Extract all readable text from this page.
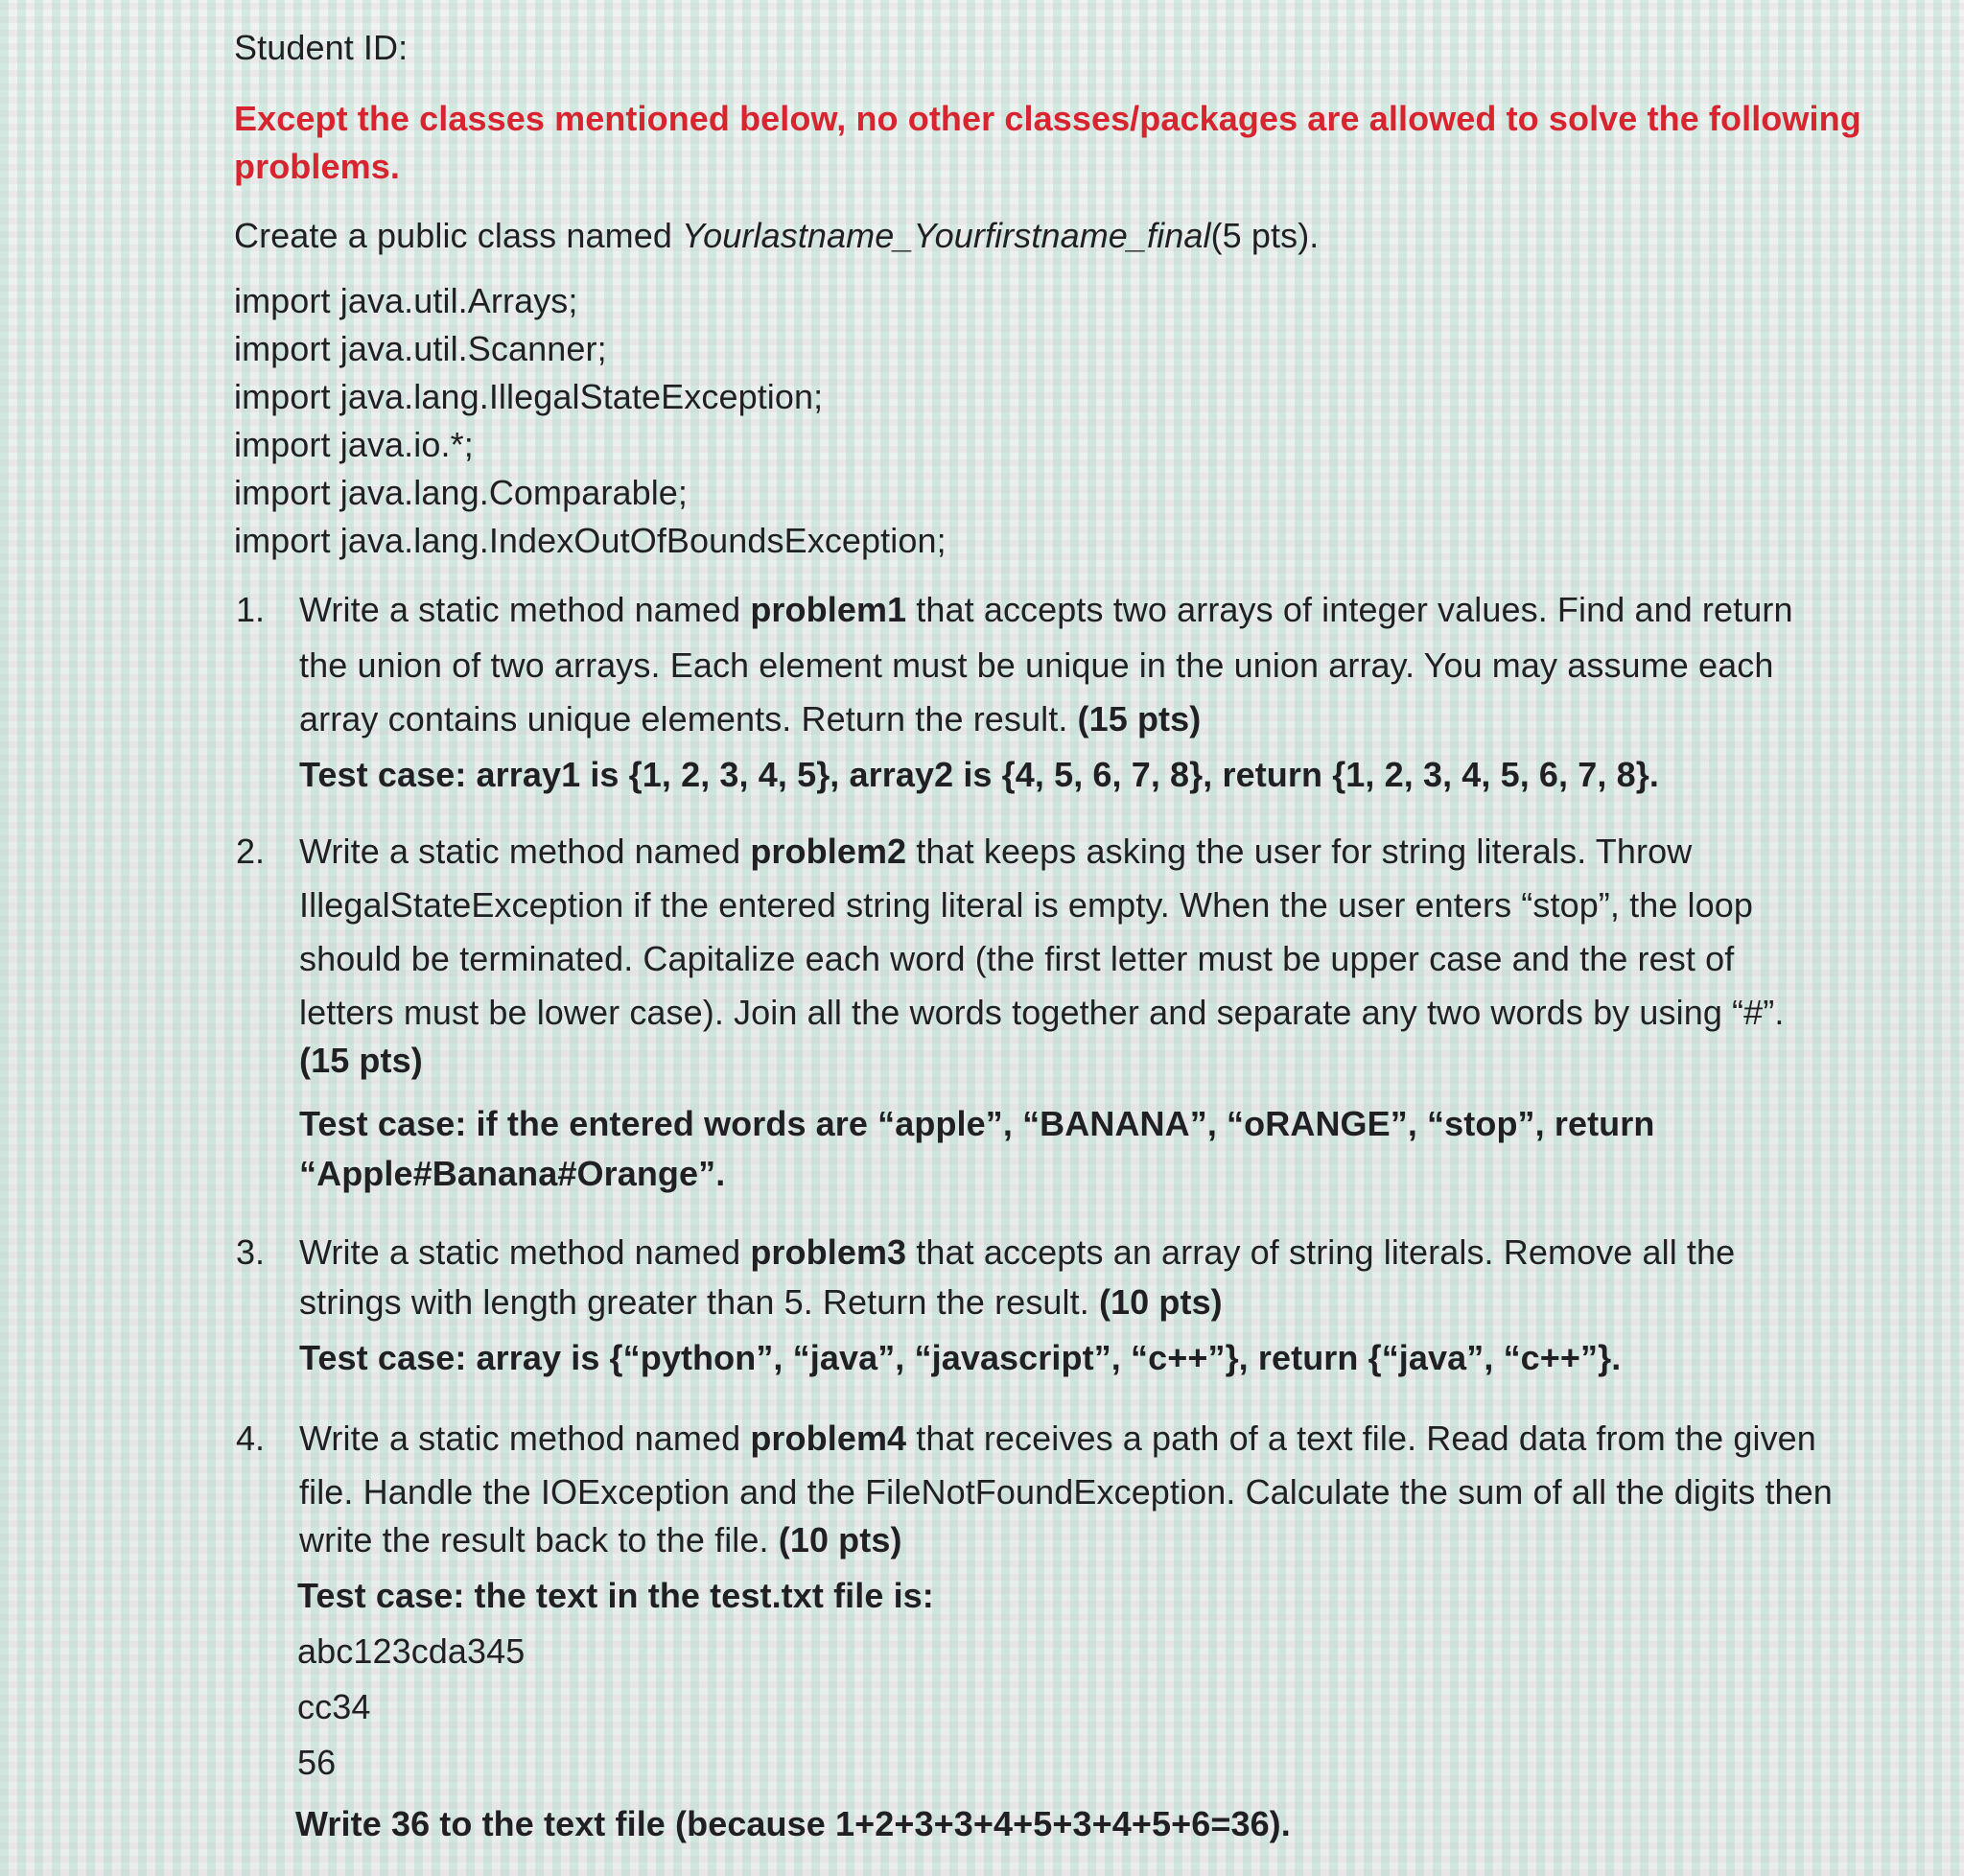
Student ID:
Except the classes mentioned below, no other classes/packages are allowed to solve the following
problems.
Create a public class named Yourlastname_Yourfirstname_final(5 pts).
import java.util.Arrays;
import java.util.Scanner;
import java.lang.IllegalStateException;
import java.io.*;
import java.lang.Comparable;
import java.lang.IndexOutOfBoundsException;
1. Write a static method named problem1 that accepts two arrays of integer values. Find and return
the union of two arrays. Each element must be unique in the union array. You may assume each
array contains unique elements. Return the result. (15 pts)
Test case: array1 is {1, 2, 3, 4, 5}, array2 is {4, 5, 6, 7, 8}, return {1, 2, 3, 4, 5, 6, 7, 8}.
2. Write a static method named problem2 that keeps asking the user for string literals. Throw
IllegalStateException if the entered string literal is empty. When the user enters “stop”, the loop
should be terminated. Capitalize each word (the first letter must be upper case and the rest of
letters must be lower case). Join all the words together and separate any two words by using “#”.
(15 pts)
Test case: if the entered words are “apple”, “BANANA”, “oRANGE”, “stop”, return
“Apple#Banana#Orange”.
3. Write a static method named problem3 that accepts an array of string literals. Remove all the
strings with length greater than 5. Return the result. (10 pts)
Test case: array is {“python”, “java”, “javascript”, “c++”}, return {“java”, “c++”}.
4. Write a static method named problem4 that receives a path of a text file. Read data from the given
file. Handle the IOException and the FileNotFoundException. Calculate the sum of all the digits then
write the result back to the file. (10 pts)
Test case: the text in the test.txt file is:
abc123cda345
cc34
56
Write 36 to the text file (because 1+2+3+3+4+5+3+4+5+6=36).
